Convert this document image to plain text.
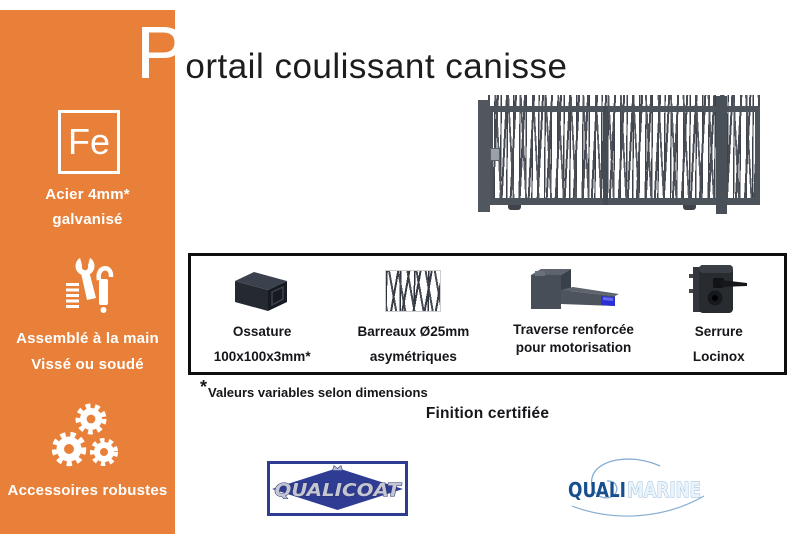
Fe
Acier 4mm*
galvanisé
Assemblé à la main
Vissé ou soudé
Accessoires robustes
P ortail coulissant canisse
Ossature
100x100x3mm*
Barreaux Ø25mm
asymétriques
Traverse renforcée
pour motorisation
Serrure
Locinox
*Valeurs variables selon dimensions
Finition certifiée
QUALICOAT	QUALI MARINE
